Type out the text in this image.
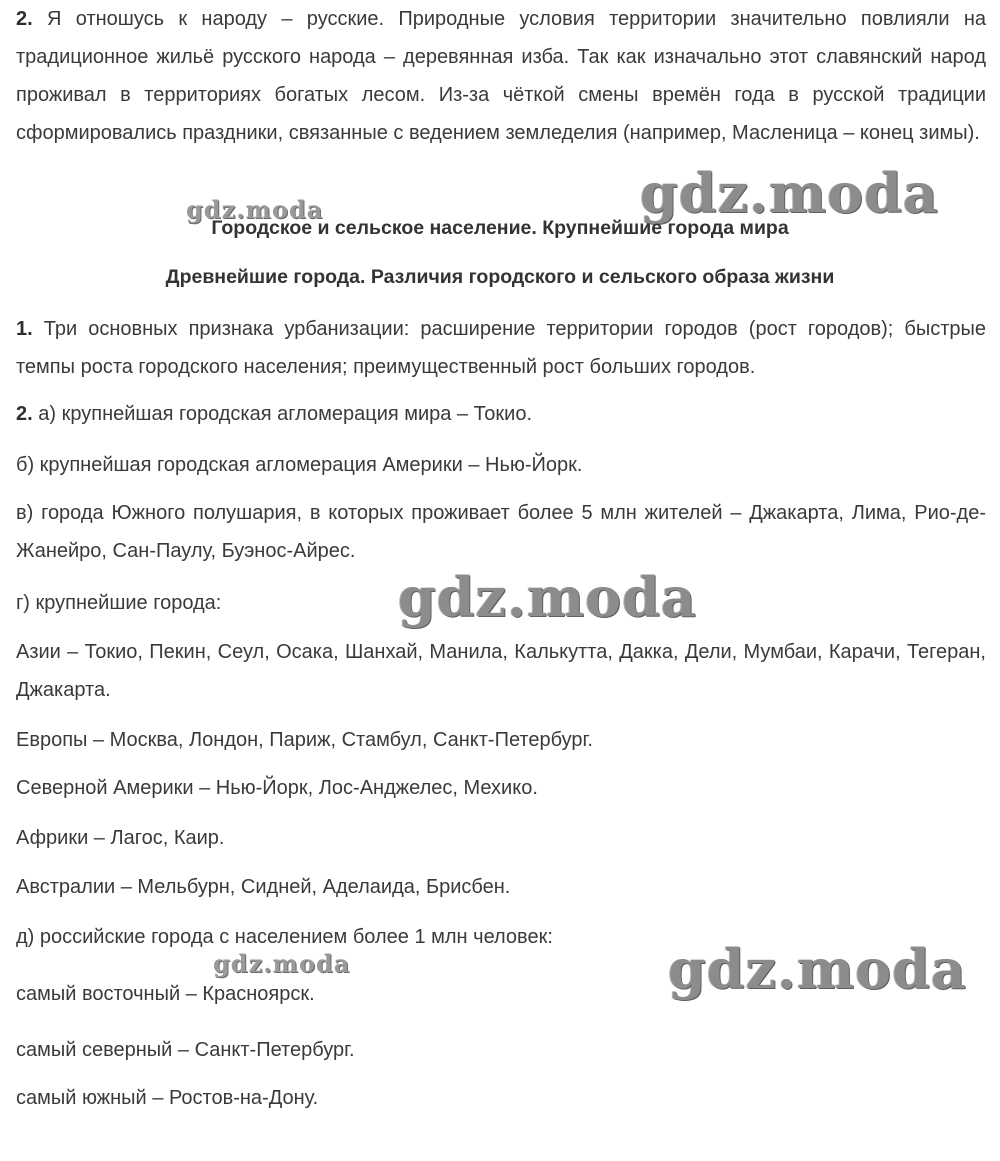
2. Я отношусь к народу – русские. Природные условия территории значительно повлияли на традиционное жильё русского народа – деревянная изба. Так как изначально этот славянский народ проживал в территориях богатых лесом. Из-за чёткой смены времён года в русской традиции сформировались праздники, связанные с ведением земледелия (например, Масленица – конец зимы).

gdz.moda
gdz.moda

Городское и сельское население. Крупнейшие города мира

Древнейшие города. Различия городского и сельского образа жизни

1. Три основных признака урбанизации: расширение территории городов (рост городов); быстрые темпы роста городского населения; преимущественный рост больших городов.

2. а) крупнейшая городская агломерация мира – Токио.

б) крупнейшая городская агломерация Америки – Нью-Йорк.

в) города Южного полушария, в которых проживает более 5 млн жителей – Джакарта, Лима, Рио-де-Жанейро, Сан-Паулу, Буэнос-Айрес.

г) крупнейшие города:	gdz.moda

Азии – Токио, Пекин, Сеул, Осака, Шанхай, Манила, Калькутта, Дакка, Дели, Мумбаи, Карачи, Тегеран, Джакарта.

Европы – Москва, Лондон, Париж, Стамбул, Санкт-Петербург.

Северной Америки – Нью-Йорк, Лос-Анджелес, Мехико.

Африки – Лагос, Каир.

Австралии – Мельбурн, Сидней, Аделаида, Брисбен.

д) российские города с населением более 1 млн человек:

gdz.moda	gdz.moda

самый восточный – Красноярск.

самый северный – Санкт-Петербург.

самый южный – Ростов-на-Дону.
